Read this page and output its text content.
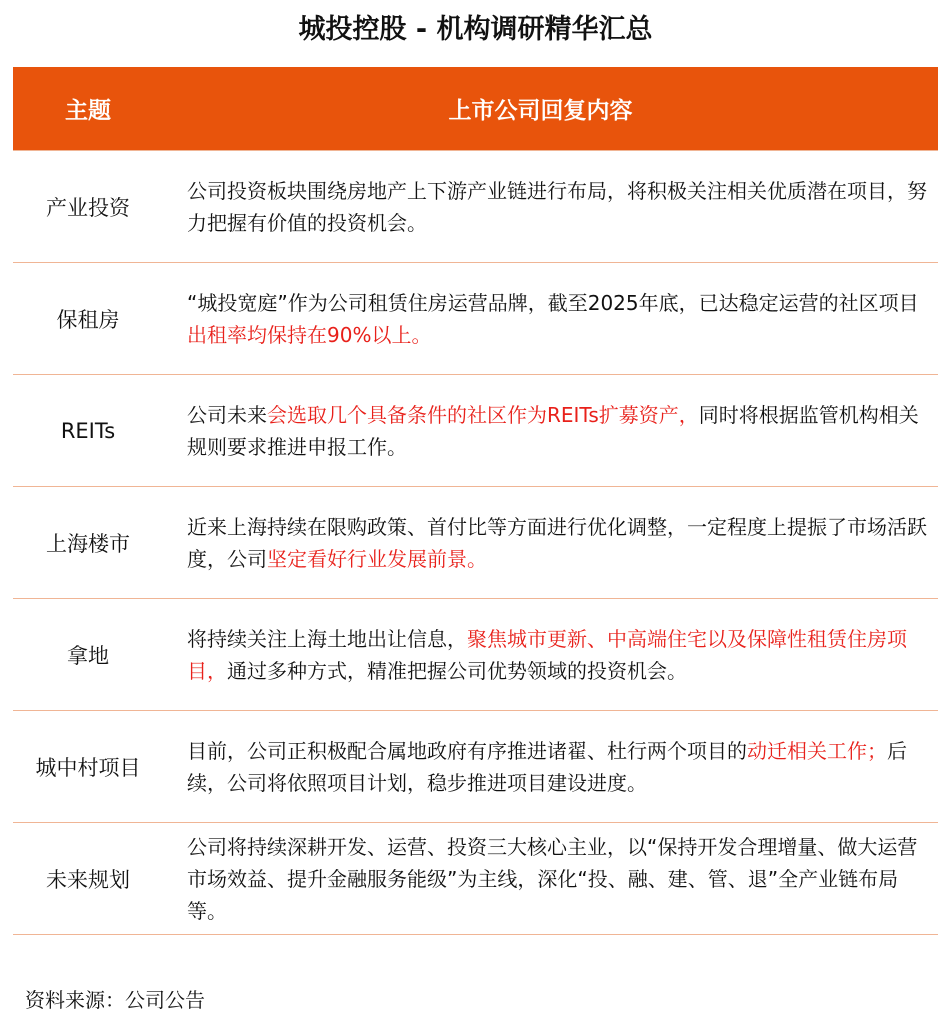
城投控股 - 机构调研精华汇总
主题	上市公司回复内容
产业投资
公司投资板块围绕房地产上下游产业链进行布局，将积极关注相关优质潜在项目，努力把握有价值的投资机会。
保租房
“城投宽庭”作为公司租赁住房运营品牌，截至2025年底，已达稳定运营的社区项目出租率均保持在90%以上。
REITs
公司未来会选取几个具备条件的社区作为REITs扩募资产，同时将根据监管机构相关规则要求推进申报工作。
上海楼市
近来上海持续在限购政策、首付比等方面进行优化调整，一定程度上提振了市场活跃度，公司坚定看好行业发展前景。
拿地
将持续关注上海土地出让信息，聚焦城市更新、中高端住宅以及保障性租赁住房项目，通过多种方式，精准把握公司优势领域的投资机会。
城中村项目
目前，公司正积极配合属地政府有序推进诸翟、杜行两个项目的动迁相关工作；后续，公司将依照项目计划，稳步推进项目建设进度。
未来规划
公司将持续深耕开发、运营、投资三大核心主业，以“保持开发合理增量、做大运营市场效益、提升金融服务能级”为主线，深化“投、融、建、管、退”全产业链布局等。
资料来源：公司公告
